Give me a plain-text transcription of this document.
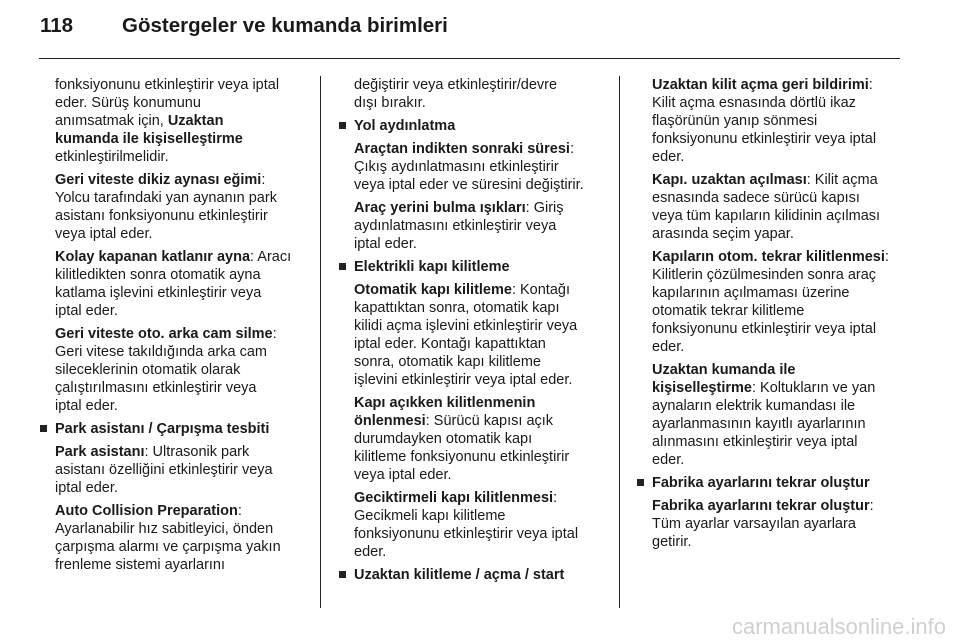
118 Göstergeler ve kumanda birimleri

fonksiyonunu etkinleştirir veya iptal
eder. Sürüş konumunu
anımsatmak için, Uzaktan
kumanda ile kişiselleştirme
etkinleştirilmelidir.

Geri viteste dikiz aynası eğimi:
Yolcu tarafındaki yan aynanın park
asistanı fonksiyonunu etkinleştirir
veya iptal eder.

Kolay kapanan katlanır ayna: Aracı
kilitledikten sonra otomatik ayna
katlama işlevini etkinleştirir veya
iptal eder.

Geri viteste oto. arka cam silme:
Geri vitese takıldığında arka cam
sileceklerinin otomatik olarak
çalıştırılmasını etkinleştirir veya
iptal eder.

Park asistanı / Çarpışma tesbiti

Park asistanı: Ultrasonik park
asistanı özelliğini etkinleştirir veya
iptal eder.

Auto Collision Preparation:
Ayarlanabilir hız sabitleyici, önden
çarpışma alarmı ve çarpışma yakın
frenleme sistemi ayarlarını

değiştirir veya etkinleştirir/devre
dışı bırakır.

Yol aydınlatma

Araçtan indikten sonraki süresi:
Çıkış aydınlatmasını etkinleştirir
veya iptal eder ve süresini değiştirir.

Araç yerini bulma ışıkları: Giriş
aydınlatmasını etkinleştirir veya
iptal eder.

Elektrikli kapı kilitleme

Otomatik kapı kilitleme: Kontağı
kapattıktan sonra, otomatik kapı
kilidi açma işlevini etkinleştirir veya
iptal eder. Kontağı kapattıktan
sonra, otomatik kapı kilitleme
işlevini etkinleştirir veya iptal eder.

Kapı açıkken kilitlenmenin
önlenmesi: Sürücü kapısı açık
durumdayken otomatik kapı
kilitleme fonksiyonunu etkinleştirir
veya iptal eder.

Geciktirmeli kapı kilitlenmesi:
Gecikmeli kapı kilitleme
fonksiyonunu etkinleştirir veya iptal
eder.

Uzaktan kilitleme / açma / start

Uzaktan kilit açma geri bildirimi:
Kilit açma esnasında dörtlü ikaz
flaşörünün yanıp sönmesi
fonksiyonunu etkinleştirir veya iptal
eder.

Kapı. uzaktan açılması: Kilit açma
esnasında sadece sürücü kapısı
veya tüm kapıların kilidinin açılması
arasında seçim yapar.

Kapıların otom. tekrar kilitlenmesi:
Kilitlerin çözülmesinden sonra araç
kapılarının açılmaması üzerine
otomatik tekrar kilitleme
fonksiyonunu etkinleştirir veya iptal
eder.

Uzaktan kumanda ile
kişiselleştirme: Koltukların ve yan
aynaların elektrik kumandası ile
ayarlanmasının kayıtlı ayarlarının
alınmasını etkinleştirir veya iptal
eder.

Fabrika ayarlarını tekrar oluştur

Fabrika ayarlarını tekrar oluştur:
Tüm ayarlar varsayılan ayarlara
getirir.

carmanualsonline.info
